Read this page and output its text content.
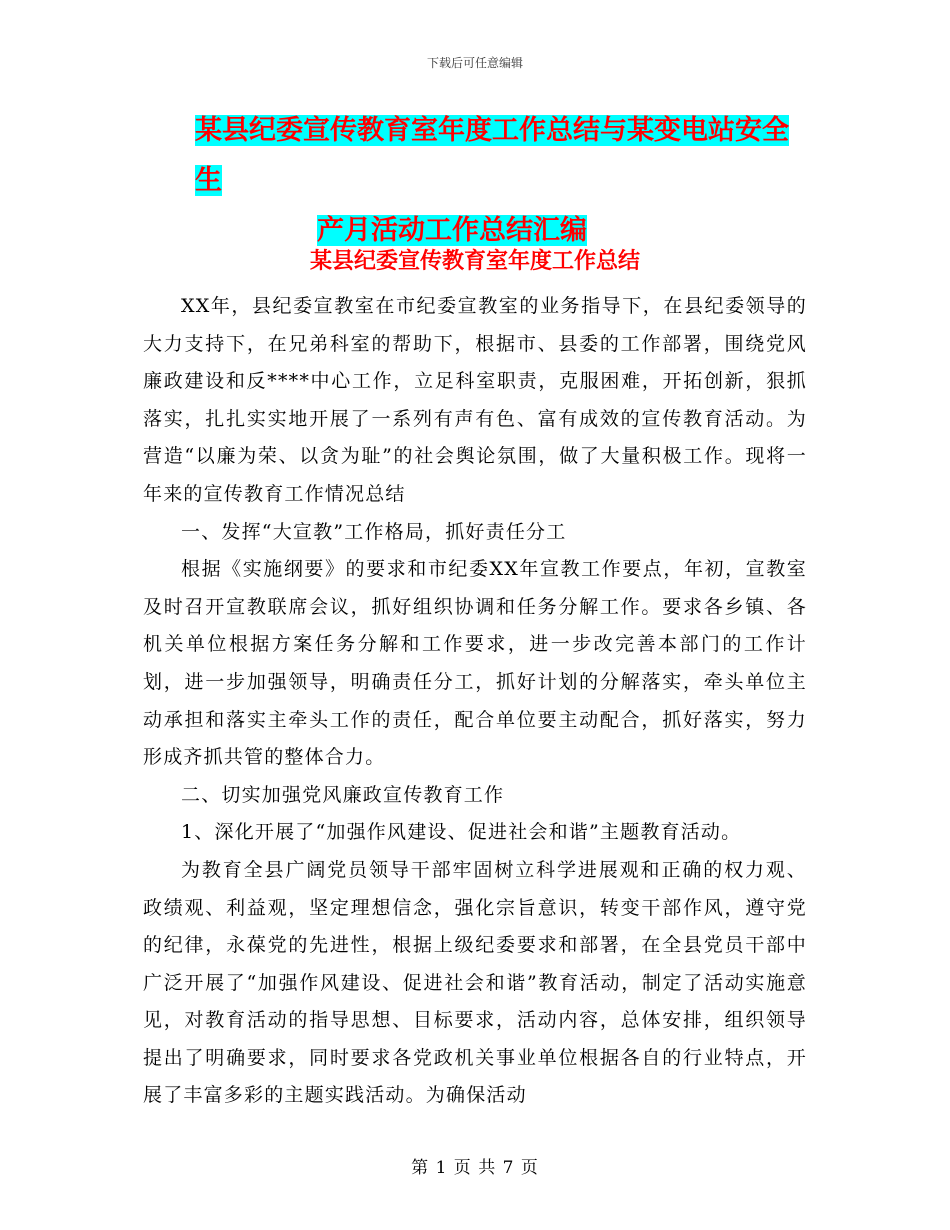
下载后可任意编辑
某县纪委宣传教育室年度工作总结与某变电站安全生
产月活动工作总结汇编
某县纪委宣传教育室年度工作总结

XX年，县纪委宣教室在市纪委宣教室的业务指导下，在县纪委领导的大力支持下，在兄弟科室的帮助下，根据市、县委的工作部署，围绕党风廉政建设和反****中心工作，立足科室职责，克服困难，开拓创新，狠抓落实，扎扎实实地开展了一系列有声有色、富有成效的宣传教育活动。为营造“以廉为荣、以贪为耻”的社会舆论氛围，做了大量积极工作。现将一年来的宣传教育工作情况总结

一、发挥“大宣教”工作格局，抓好责任分工

根据《实施纲要》的要求和市纪委XX年宣教工作要点，年初，宣教室及时召开宣教联席会议，抓好组织协调和任务分解工作。要求各乡镇、各机关单位根据方案任务分解和工作要求，进一步改完善本部门的工作计划，进一步加强领导，明确责任分工，抓好计划的分解落实，牵头单位主动承担和落实主牵头工作的责任，配合单位要主动配合，抓好落实，努力形成齐抓共管的整体合力。

二、切实加强党风廉政宣传教育工作

1、深化开展了“加强作风建设、促进社会和谐”主题教育活动。

为教育全县广阔党员领导干部牢固树立科学进展观和正确的权力观、政绩观、利益观，坚定理想信念，强化宗旨意识，转变干部作风，遵守党的纪律，永葆党的先进性，根据上级纪委要求和部署，在全县党员干部中广泛开展了“加强作风建设、促进社会和谐”教育活动，制定了活动实施意见，对教育活动的指导思想、目标要求，活动内容，总体安排，组织领导提出了明确要求，同时要求各党政机关事业单位根据各自的行业特点，开展了丰富多彩的主题实践活动。为确保活动

第 1 页 共 7 页
